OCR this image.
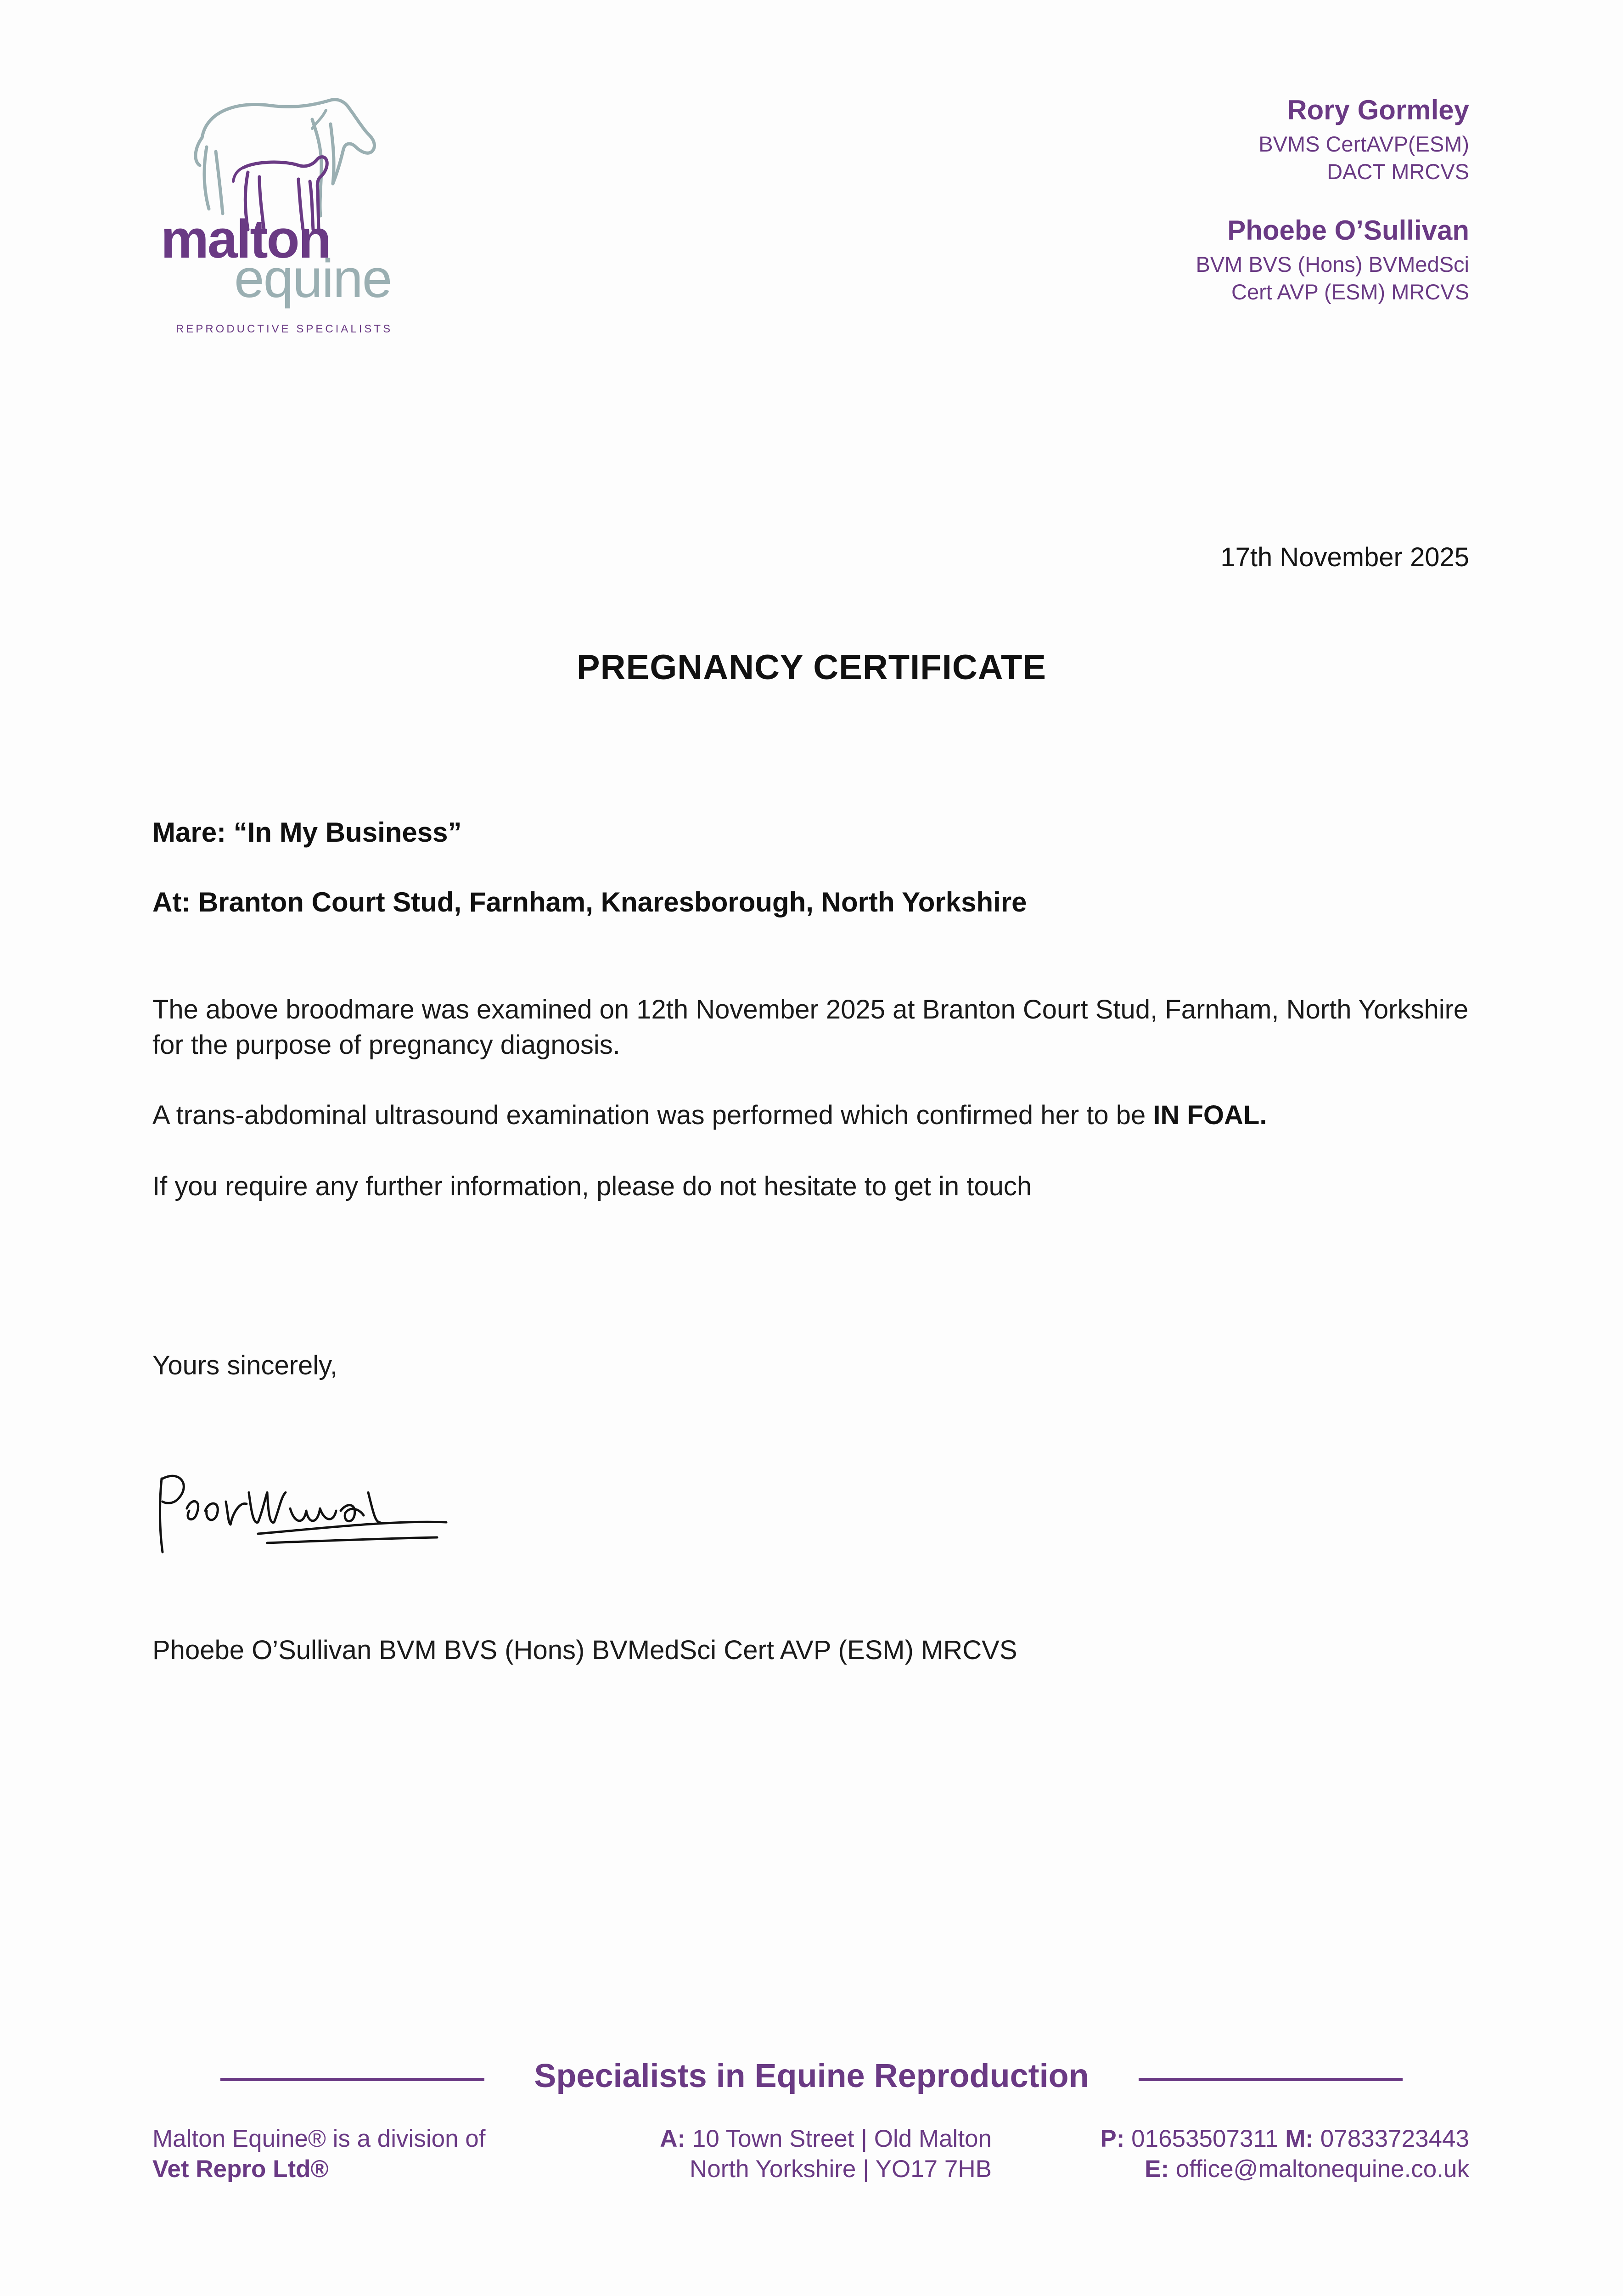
malton
equine
REPRODUCTIVE SPECIALISTS

Rory Gormley

BVMS CertAVP(ESM)

DACT MRCVS

Phoebe O’Sullivan

BVM BVS (Hons) BVMedSci

Cert AVP (ESM) MRCVS

17th November 2025
PREGNANCY CERTIFICATE
Mare: “In My Business”
At: Branton Court Stud, Farnham, Knaresborough, North Yorkshire
The above broodmare was examined on 12th November 2025 at Branton Court Stud, Farnham, North Yorkshire for the purpose of pregnancy diagnosis.
A trans-abdominal ultrasound examination was performed which confirmed her to be IN FOAL.
If you require any further information, please do not hesitate to get in touch
Yours sincerely,
Phoebe O’Sullivan BVM BVS (Hons) BVMedSci Cert AVP (ESM) MRCVS
Specialists in Equine Reproduction
Malton Equine® is a division of
Vet Repro Ltd®
A: 10 Town Street | Old Malton
North Yorkshire | YO17 7HB
P: 01653507311 M: 07833723443
E: office@maltonequine.co.uk
